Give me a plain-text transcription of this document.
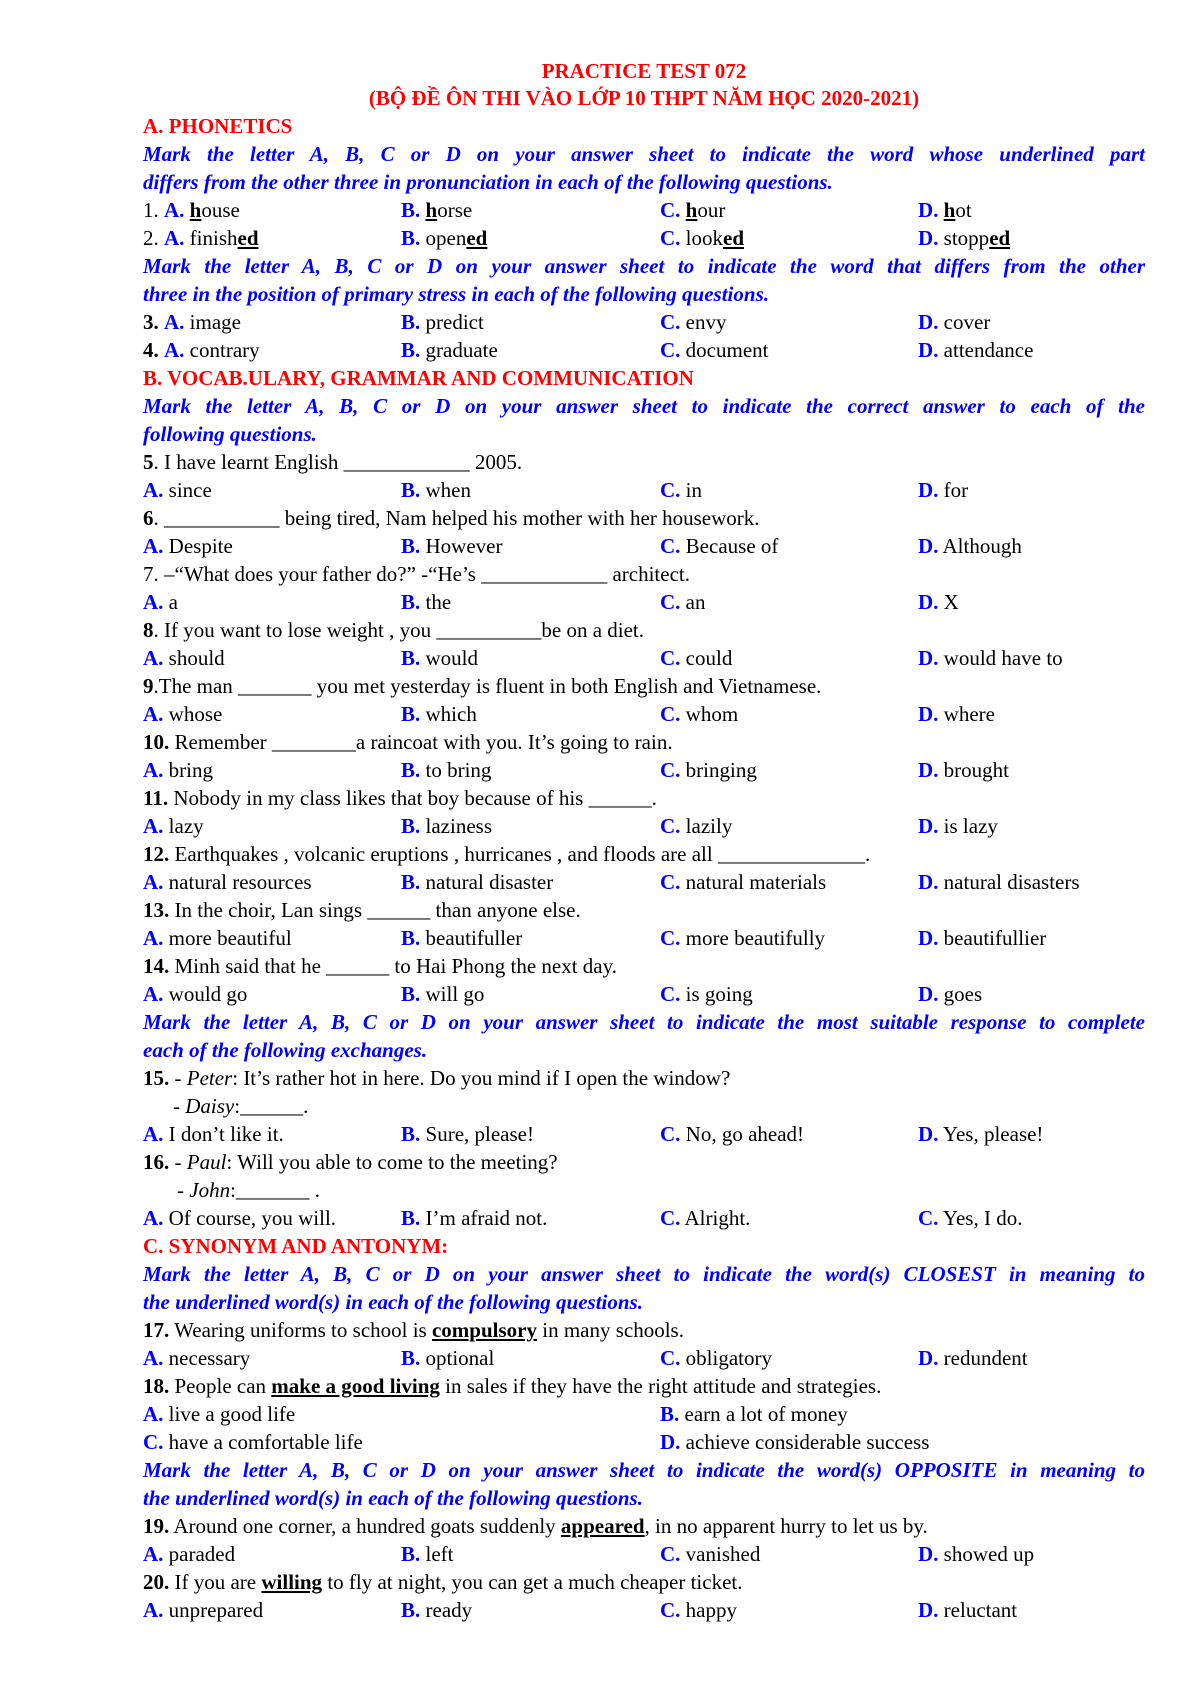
PRACTICE TEST 072
(BỘ ĐỀ ÔN THI VÀO LỚP 10 THPT NĂM HỌC 2020-2021)
A. PHONETICS
Mark the letter A, B, C or D on your answer sheet to indicate the word whose underlined part
differs from the other three in pronunciation in each of the following questions.
1. A. house	B. horse	C. hour	D. hot
2. A. finished	B. opened	C. looked	D. stopped
Mark the letter A, B, C or D on your answer sheet to indicate the word that differs from the other
three in the position of primary stress in each of the following questions.
3. A. image	B. predict	C. envy	D. cover
4. A. contrary	B. graduate	C. document	D. attendance
B. VOCAB.ULARY, GRAMMAR AND COMMUNICATION
Mark the letter A, B, C or D on your answer sheet to indicate the correct answer to each of the
following questions.
5. I have learnt English ____________ 2005.
A. since	B. when	C. in	D. for
6. ___________ being tired, Nam helped his mother with her housework.
A. Despite	B. However	C. Because of	D. Although
7. –“What does your father do?” -“He’s ____________ architect.
A. a	B. the	C. an	D. X
8. If you want to lose weight , you __________be on a diet.
A. should	B. would	C. could	D. would have to
9.The man _______ you met yesterday is fluent in both English and Vietnamese.
A. whose	B. which	C. whom	D. where
10. Remember ________a raincoat with you. It’s going to rain.
A. bring	B. to bring	C. bringing	D. brought
11. Nobody in my class likes that boy because of his ______.
A. lazy	B. laziness	C. lazily	D. is lazy
12. Earthquakes , volcanic eruptions , hurricanes , and floods are all ______________.
A. natural resources	B. natural disaster	C. natural materials	D. natural disasters
13. In the choir, Lan sings ______ than anyone else.
A. more beautiful	B. beautifuller	C. more beautifully	D. beautifullier
14. Minh said that he ______ to Hai Phong the next day.
A. would go	B. will go	C. is going	D. goes
Mark the letter A, B, C or D on your answer sheet to indicate the most suitable response to complete
each of the following exchanges.
15. - Peter: It’s rather hot in here. Do you mind if I open the window?
- Daisy:______.
A. I don’t like it.	B. Sure, please!	C. No, go ahead!	D. Yes, please!
16. - Paul: Will you able to come to the meeting?
- John:_______ .
A. Of course, you will.	B. I’m afraid not.	C. Alright.	C. Yes, I do.
C. SYNONYM AND ANTONYM:
Mark the letter A, B, C or D on your answer sheet to indicate the word(s) CLOSEST in meaning to
the underlined word(s) in each of the following questions.
17. Wearing uniforms to school is compulsory in many schools.
A. necessary	B. optional	C. obligatory	D. redundent
18. People can make a good living in sales if they have the right attitude and strategies.
A. live a good life	B. earn a lot of money
C. have a comfortable life	D. achieve considerable success
Mark the letter A, B, C or D on your answer sheet to indicate the word(s) OPPOSITE in meaning to
the underlined word(s) in each of the following questions.
19. Around one corner, a hundred goats suddenly appeared, in no apparent hurry to let us by.
A. paraded	B. left	C. vanished	D. showed up
20. If you are willing to fly at night, you can get a much cheaper ticket.
A. unprepared	B. ready	C. happy	D. reluctant
